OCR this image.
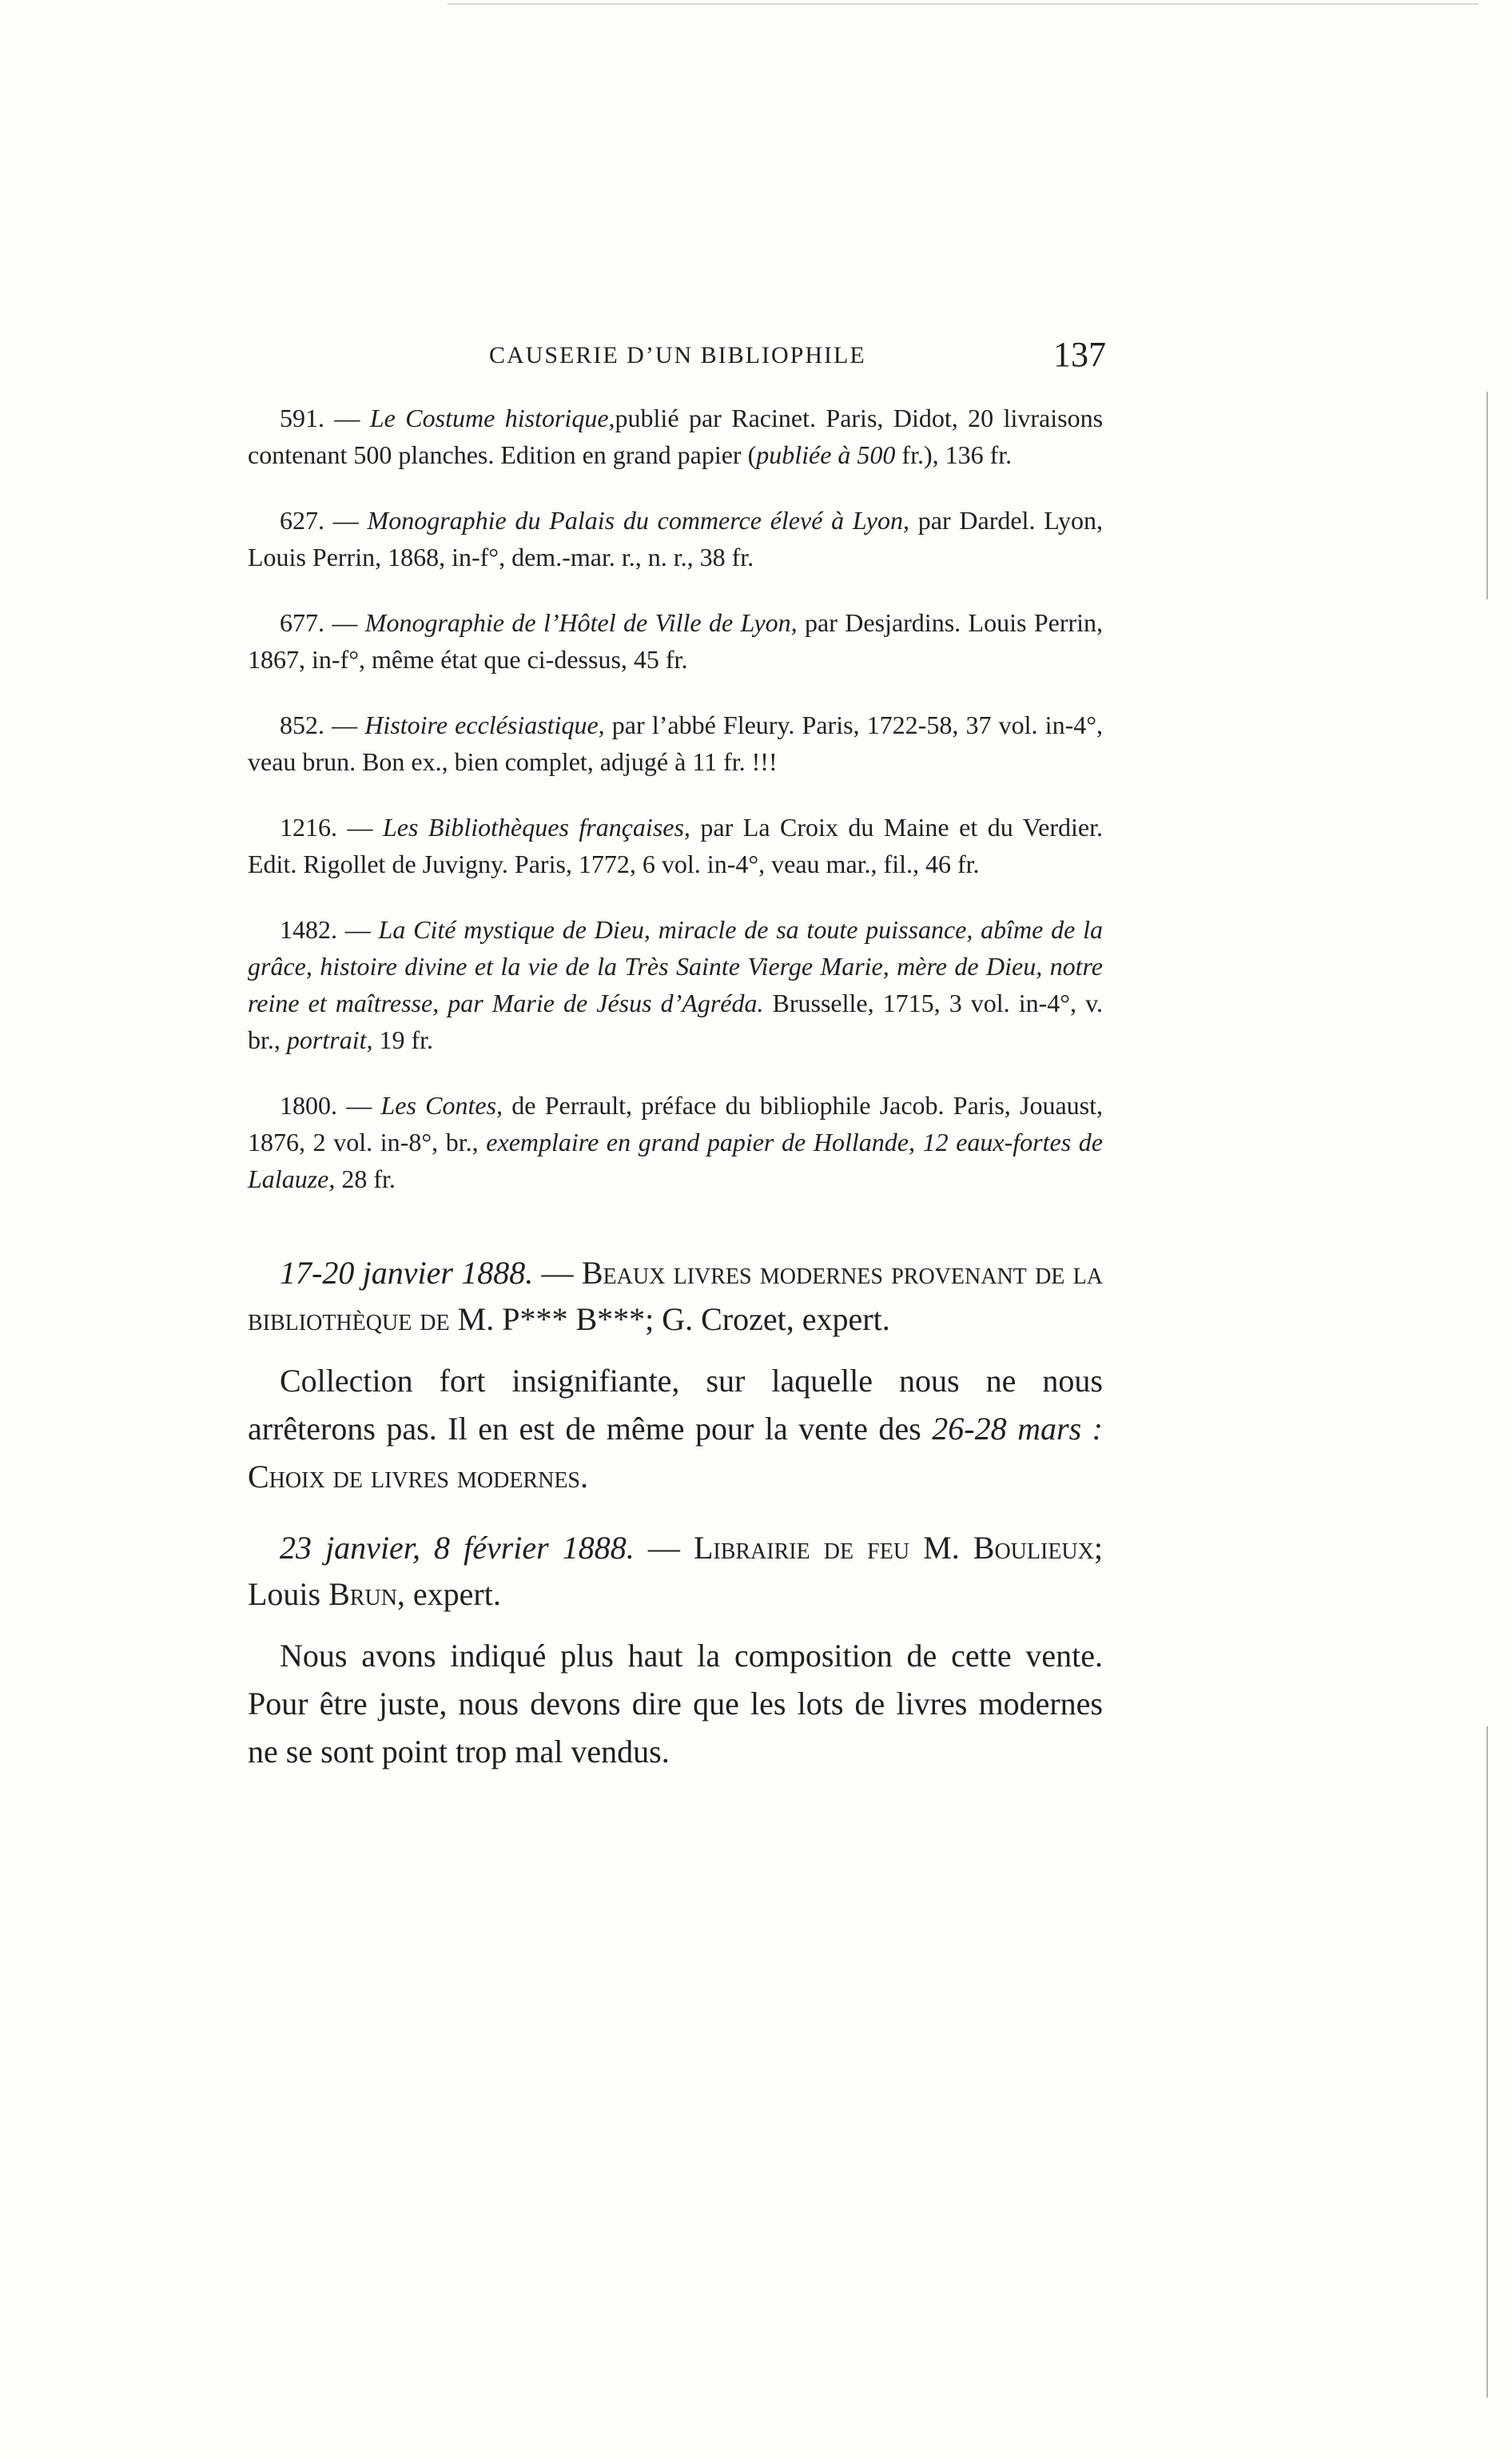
CAUSERIE D’UN BIBLIOPHILE	137

591. — Le Costume historique,publié par Racinet. Paris, Didot, 20 livraisons contenant 500 planches. Edition en grand papier (publiée à 500 fr.), 136 fr.

627. — Monographie du Palais du commerce élevé à Lyon, par Dardel. Lyon, Louis Perrin, 1868, in-f°, dem.-mar. r., n. r., 38 fr.

677. — Monographie de l’Hôtel de Ville de Lyon, par Desjardins. Louis Perrin, 1867, in-f°, même état que ci-dessus, 45 fr.

852. — Histoire ecclésiastique, par l’abbé Fleury. Paris, 1722-58, 37 vol. in-4°, veau brun. Bon ex., bien complet, adjugé à 11 fr. !!!

1216. — Les Bibliothèques françaises, par La Croix du Maine et du Verdier. Edit. Rigollet de Juvigny. Paris, 1772, 6 vol. in-4°, veau mar., fil., 46 fr.

1482. — La Cité mystique de Dieu, miracle de sa toute puissance, abîme de la grâce, histoire divine et la vie de la Très Sainte Vierge Marie, mère de Dieu, notre reine et maîtresse, par Marie de Jésus d’Agréda. Brusselle, 1715, 3 vol. in-4°, v. br., portrait, 19 fr.

1800. — Les Contes, de Perrault, préface du bibliophile Jacob. Paris, Jouaust, 1876, 2 vol. in-8°, br., exemplaire en grand papier de Hollande, 12 eaux-fortes de Lalauze, 28 fr.

17-20 janvier 1888. — Beaux livres modernes provenant de la bibliothèque de M. P*** B***; G. Crozet, expert.

Collection fort insignifiante, sur laquelle nous ne nous arrêterons pas. Il en est de même pour la vente des 26-28 mars : Choix de livres modernes.

23 janvier, 8 février 1888. — Librairie de feu M. Boulieux; Louis Brun, expert.

Nous avons indiqué plus haut la composition de cette vente. Pour être juste, nous devons dire que les lots de livres modernes ne se sont point trop mal vendus.
